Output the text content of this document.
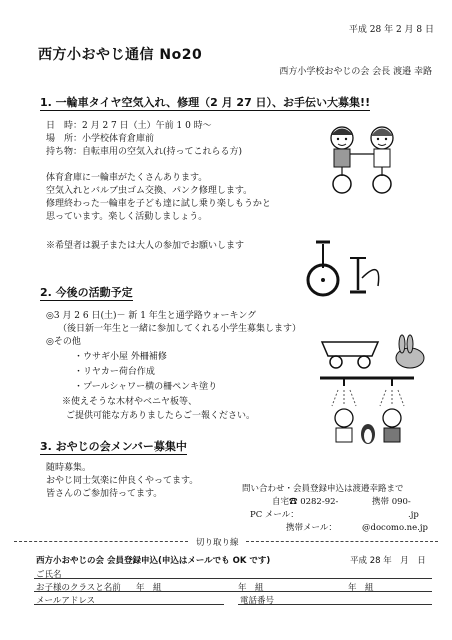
平成 28 年 2 月 8 日
西方小おやじ通信 No20
西方小学校おやじの会 会長 渡邉 幸路
1. 一輪車タイヤ空気入れ、修理（2 月 27 日）、お手伝い大募集!!
日　時：2 月 2 7 日（土）午前 1 0 時～
場　所：小学校体育倉庫前
持ち物：自転車用の空気入れ(持ってこれらる方)
体育倉庫に一輪車がたくさんあります。
空気入れとバルブ虫ゴム交換、パンク修理します。
修理終わった一輪車を子ども達に試し乗り楽しもうかと
思っています。楽しく活動しましょう。
※希望者は親子または大人の参加でお願いします
2. 今後の活動予定
◎3 月 2 6 日(土)－ 新 1 年生と通学路ウォーキング
（後日新一年生と一緒に参加してくれる小学生募集します）
◎その他
・ウサギ小屋 外柵補修
・リヤカー荷台作成
・プールシャワー横の柵ペンキ塗り
※使えそうな木材やベニヤ板等、
ご提供可能な方ありましたらご一報ください。
3. おやじの会メンバー募集中
随時募集。
おやじ同士気楽に仲良くやってます。
皆さんのご参加待ってます。	問い合わせ・会員登録申込は渡邉幸路まで
自宅☎ 0282-92-	携帯 090-
PC メール：	.jp
携帯メール：	@docomo.ne.jp
切り取り線
西方小おやじの会 会員登録申込(申込はメールでも OK です)	平成 28 年　月　日
ご氏名
お子様のクラスと名前 年　組	年　組	年　組
メールアドレス	電話番号
